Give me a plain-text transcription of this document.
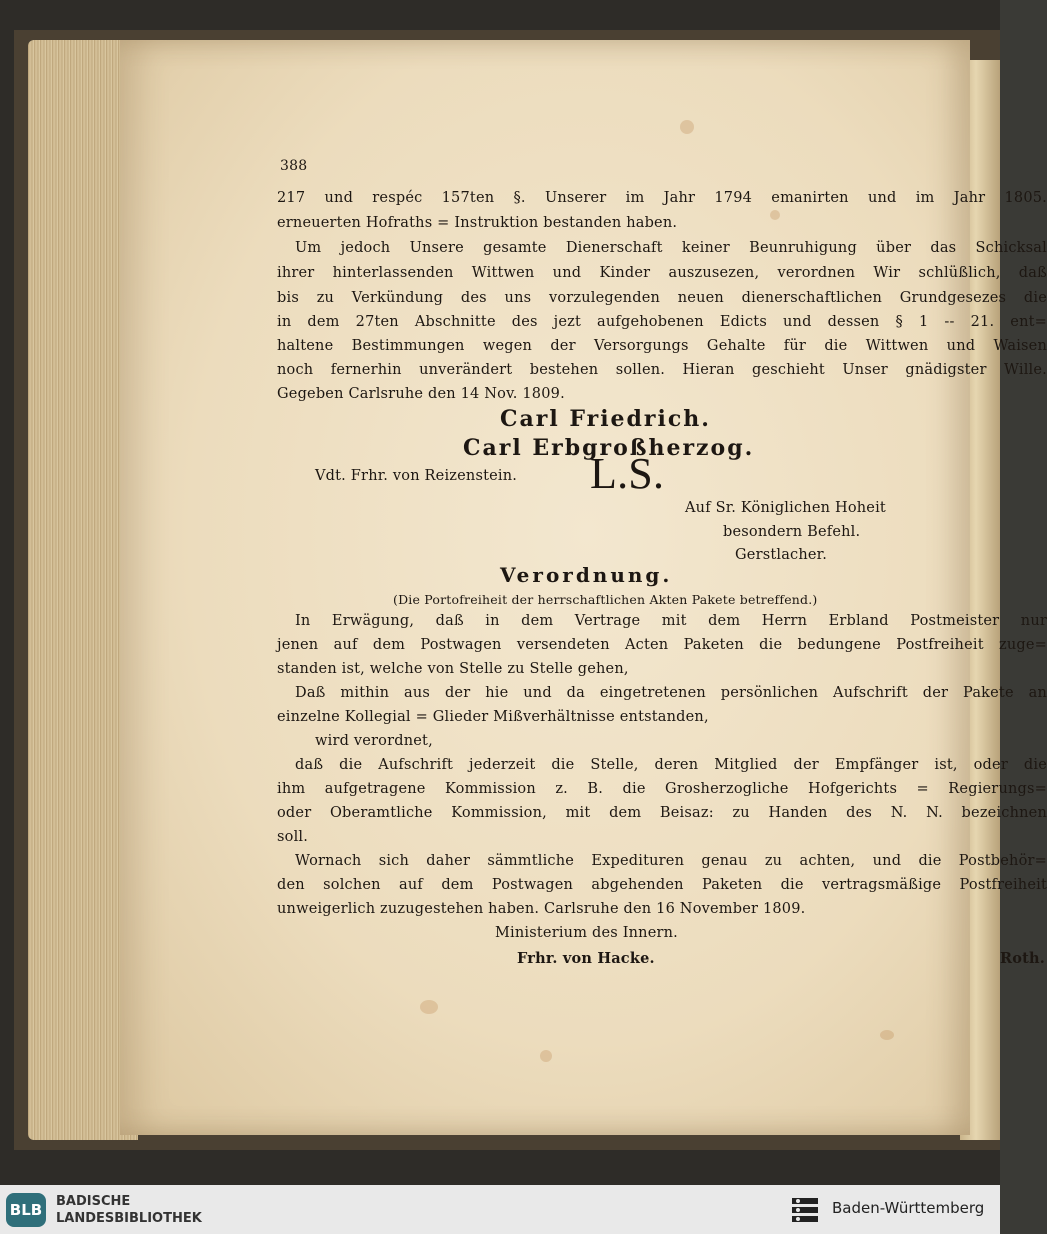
388
217 und respéc 157ten §. Unserer im Jahr 1794 emanirten und im Jahr 1805.
erneuerten Hofraths = Instruktion bestanden haben.
Um jedoch Unsere gesamte Dienerschaft keiner Beunruhigung über das Schicksal
ihrer hinterlassenden Wittwen und Kinder auszusezen, verordnen Wir schlüßlich, daß
bis zu Verkündung des uns vorzulegenden neuen dienerschaftlichen Grundgesezes die
in dem 27ten Abschnitte des jezt aufgehobenen Edicts und dessen § 1 -- 21. ent=
haltene Bestimmungen wegen der Versorgungs Gehalte für die Wittwen und Waisen
noch fernerhin unverändert bestehen sollen. Hieran geschieht Unser gnädigster Wille.
Gegeben Carlsruhe den 14 Nov. 1809.
Carl Friedrich.
Carl Erbgroßherzog.
Vdt. Frhr. von Reizenstein. L.S.
Auf Sr. Königlichen Hoheit
besondern Befehl.
Gerstlacher.
Verordnung.
(Die Portofreiheit der herrschaftlichen Akten Pakete betreffend.)
In Erwägung, daß in dem Vertrage mit dem Herrn Erbland Postmeister nur
jenen auf dem Postwagen versendeten Acten Paketen die bedungene Postfreiheit zuge=
standen ist, welche von Stelle zu Stelle gehen,
Daß mithin aus der hie und da eingetretenen persönlichen Aufschrift der Pakete an
einzelne Kollegial = Glieder Mißverhältnisse entstanden,
wird verordnet,
daß die Aufschrift jederzeit die Stelle, deren Mitglied der Empfänger ist, oder die
ihm aufgetragene Kommission z. B. die Grosherzogliche Hofgerichts = Regierungs=
oder Oberamtliche Kommission, mit dem Beisaz: zu Handen des N. N. bezeichnen
soll.
Wornach sich daher sämmtliche Expedituren genau zu achten, und die Postbehör=
den solchen auf dem Postwagen abgehenden Paketen die vertragsmäßige Postfreiheit
unweigerlich zuzugestehen haben. Carlsruhe den 16 November 1809.
Ministerium des Innern.
Frhr. von Hacke.	Roth.
BLB BADISCHE
LANDESBIBLIOTHEK
Baden-Württemberg
